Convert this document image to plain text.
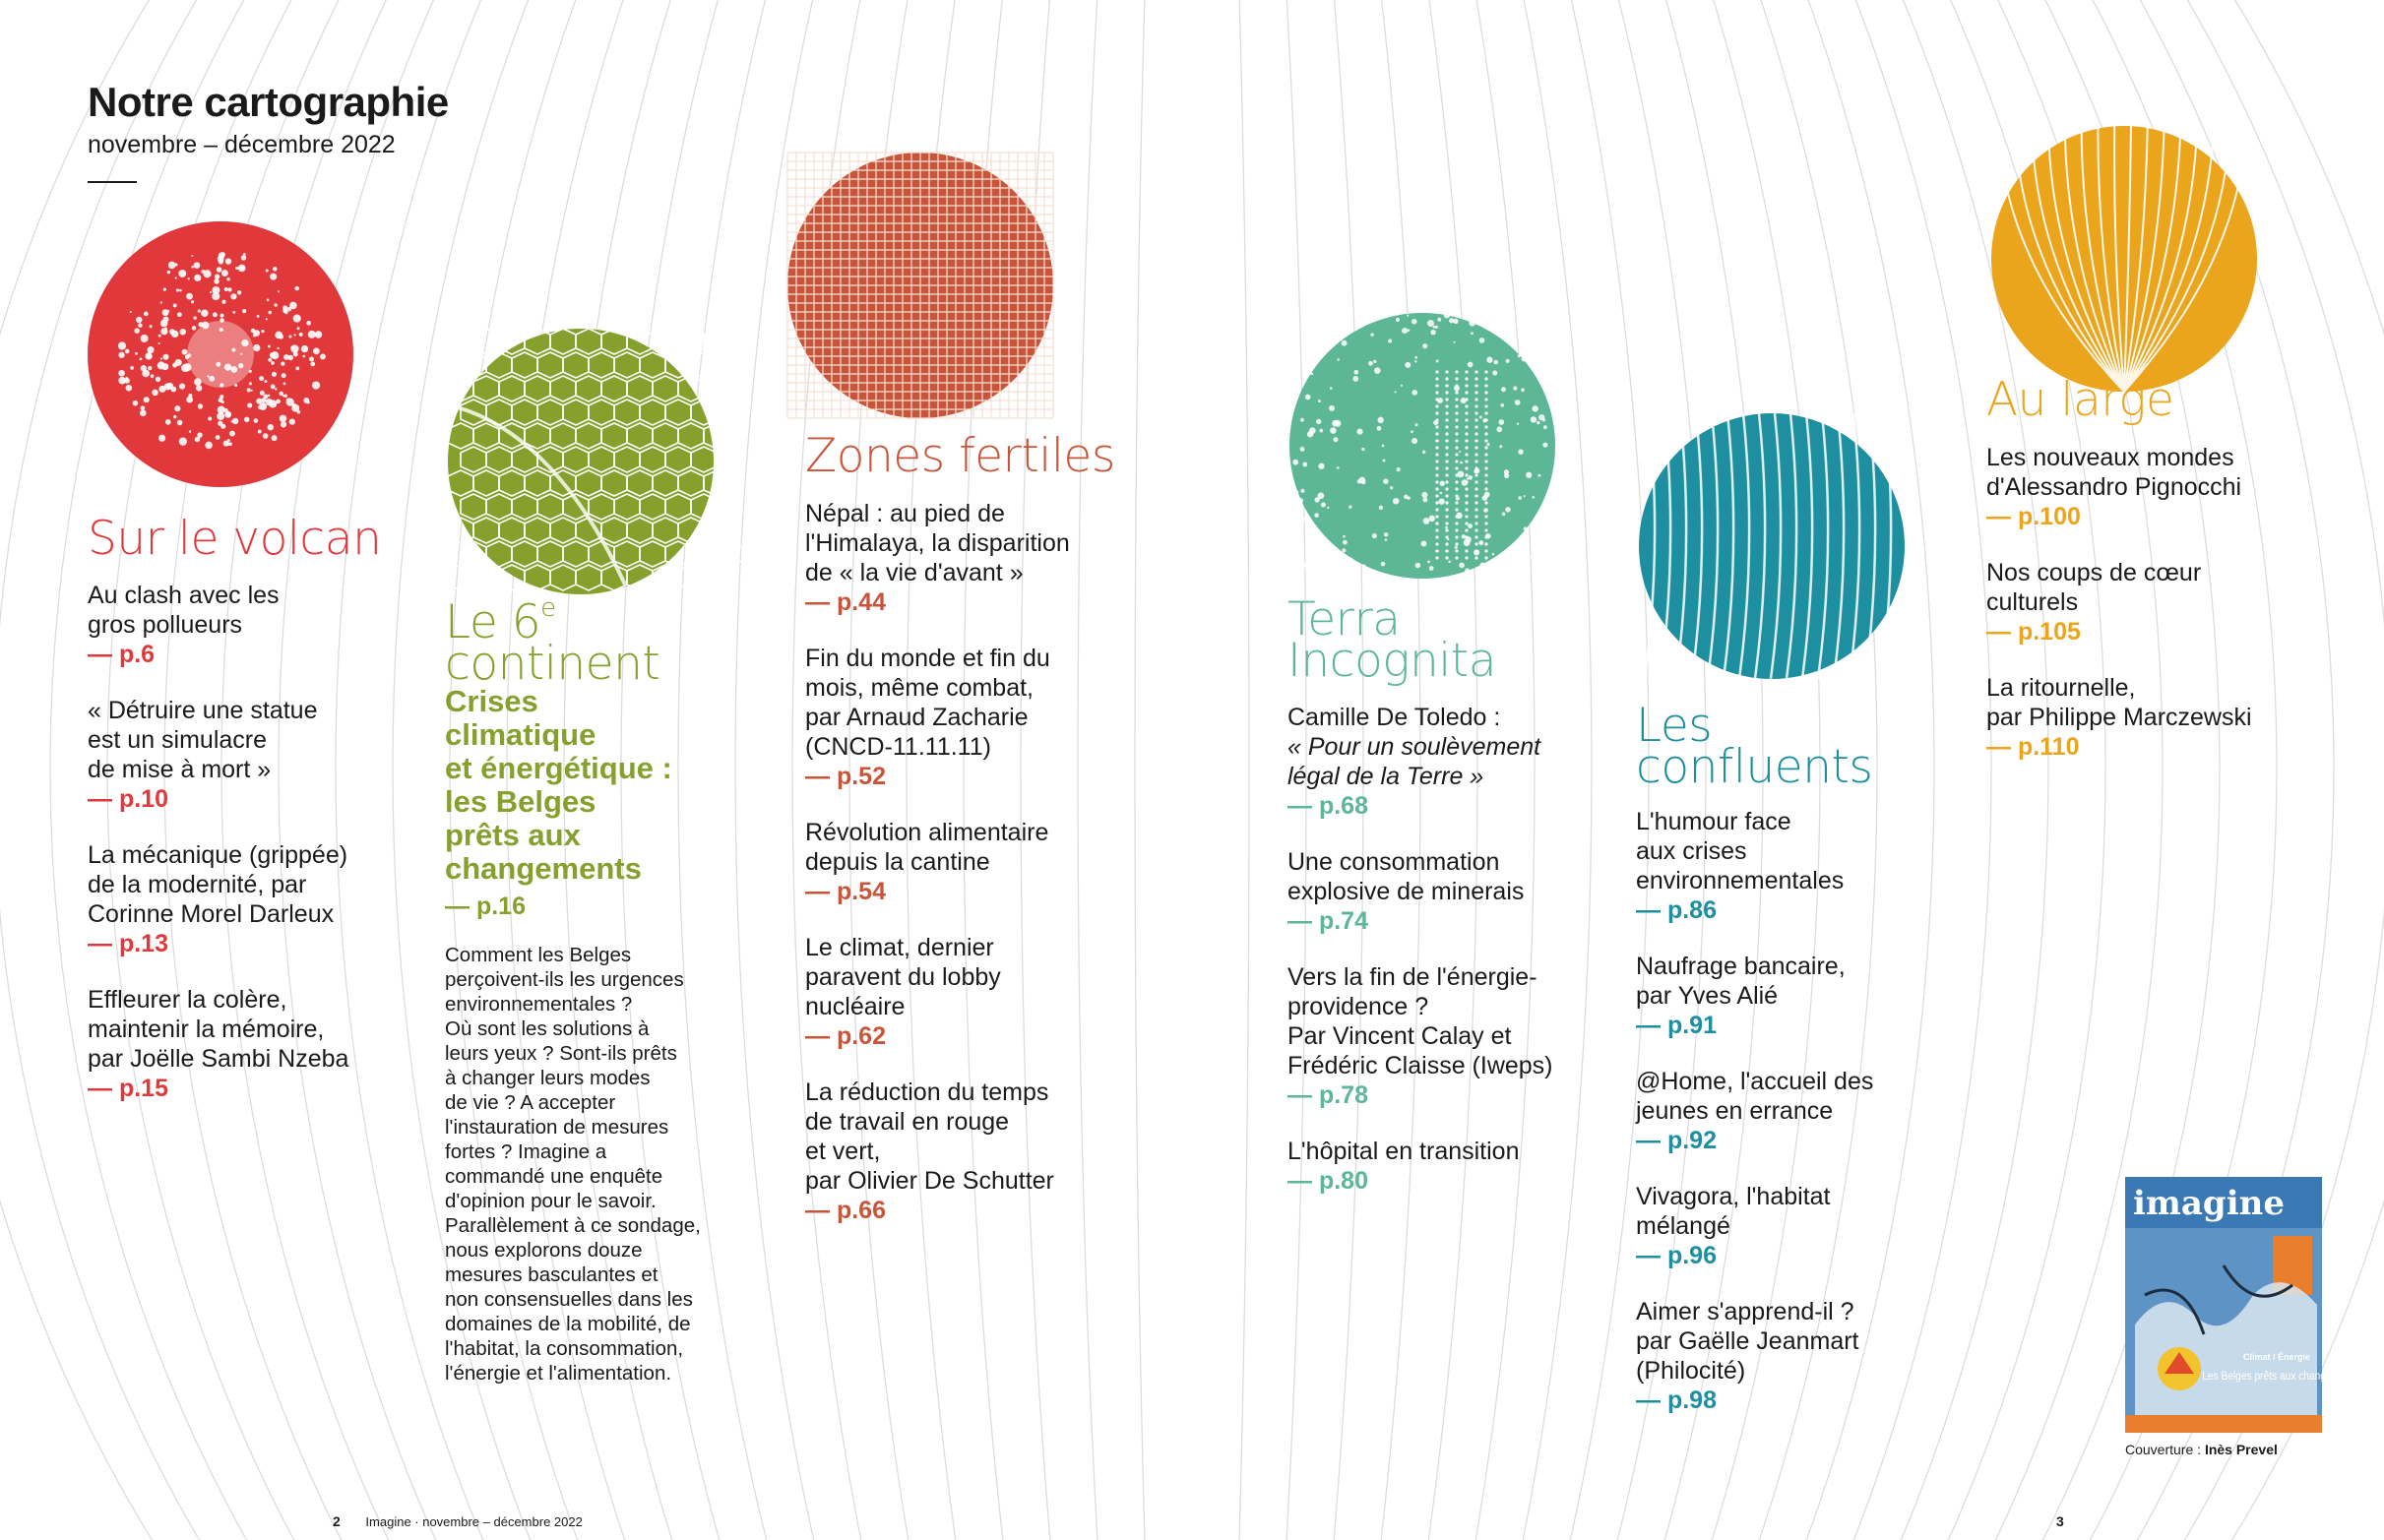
Notre cartographie
novembre – décembre 2022
Sur le volcan
Au clash avec les
gros pollueurs
— p.6
« Détruire une statue
est un simulacre
de mise à mort »
— p.10
La mécanique (grippée)
de la modernité, par
Corinne Morel Darleux
— p.13
Effleurer la colère,
maintenir la mémoire,
par Joëlle Sambi Nzeba
— p.15
Le 6e
continent
Crises
climatique
et énergétique :
les Belges
prêts aux
changements
— p.16
Comment les Belges
perçoivent-ils les urgences
environnementales ?
Où sont les solutions à
leurs yeux ? Sont-ils prêts
à changer leurs modes
de vie ? A accepter
l'instauration de mesures
fortes ? Imagine a
commandé une enquête
d'opinion pour le savoir.
Parallèlement à ce sondage,
nous explorons douze
mesures basculantes et
non consensuelles dans les
domaines de la mobilité, de
l'habitat, la consommation,
l'énergie et l'alimentation.
Zones fertiles
Népal : au pied de
l'Himalaya, la disparition
de « la vie d'avant »
— p.44
Fin du monde et fin du
mois, même combat,
par Arnaud Zacharie
(CNCD-11.11.11)
— p.52
Révolution alimentaire
depuis la cantine
— p.54
Le climat, dernier
paravent du lobby
nucléaire
— p.62
La réduction du temps
de travail en rouge
et vert,
par Olivier De Schutter
— p.66
Terra
Incognita
Camille De Toledo :
« Pour un soulèvement
légal de la Terre »
— p.68
Une consommation
explosive de minerais
— p.74
Vers la fin de l'énergie-
providence ?
Par Vincent Calay et
Frédéric Claisse (Iweps)
— p.78
L'hôpital en transition
— p.80
Les
confluents
L'humour face
aux crises
environnementales
— p.86
Naufrage bancaire,
par Yves Alié
— p.91
@Home, l'accueil des
jeunes en errance
— p.92
Vivagora, l'habitat
mélangé
— p.96
Aimer s'apprend-il ?
par Gaëlle Jeanmart
(Philocité)
— p.98
Au large
Les nouveaux mondes
d'Alessandro Pignocchi
— p.100
Nos coups de cœur
culturels
— p.105
La ritournelle,
par Philippe Marczewski
— p.110
imagine
Climat / Énergie
Les Belges prêts aux changements
Couverture : Inès Prevel
2 Imagine · novembre – décembre 2022	3
